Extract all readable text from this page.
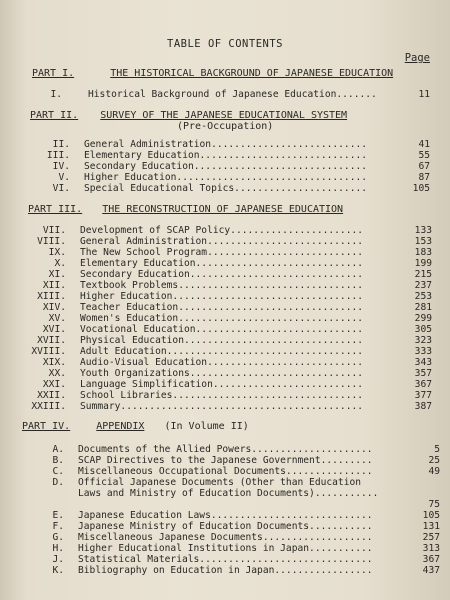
TABLE OF CONTENTS
Page
PART I.	THE HISTORICAL BACKGROUND OF JAPANESE EDUCATION
I.	Historical Background of Japanese Education.......	11
PART II. SURVEY OF THE JAPANESE EDUCATIONAL SYSTEM
(Pre-Occupation)
II. General Administration...........................	41
III. Elementary Education.............................	55
IV. Secondary Education..............................	67
V. Higher Education.................................	87
VI. Special Educational Topics.......................	105
PART III. THE RECONSTRUCTION OF JAPANESE EDUCATION
VII. Development of SCAP Policy.......................	133
VIII. General Administration...........................	153
IX. The New School Program...........................	183
X. Elementary Education.............................	199
XI. Secondary Education..............................	215
XII. Textbook Problems................................	237
XIII. Higher Education.................................	253
XIV. Teacher Education................................	281
XV. Women's Education................................	299
XVI. Vocational Education.............................	305
XVII. Physical Education...............................	323
XVIII. Adult Education..................................	333
XIX. Audio-Visual Education...........................	343
XX. Youth Organizations..............................	357
XXI. Language Simplification..........................	367
XXII. School Libraries.................................	377
XXIII. Summary..........................................	387
PART IV.	APPENDIX (In Volume II)
A. Documents of the Allied Powers.....................	5
B. SCAP Directives to the Japanese Government.........	25
C. Miscellaneous Occupational Documents...............	49
D. Official Japanese Documents (Other than Education
Laws and Ministry of Education Documents)...........
75
E. Japanese Education Laws............................	105
F. Japanese Ministry of Education Documents...........	131
G. Miscellaneous Japanese Documents...................	257
H. Higher Educational Institutions in Japan...........	313
J. Statistical Materials..............................	367
K. Bibliography on Education in Japan.................	437
